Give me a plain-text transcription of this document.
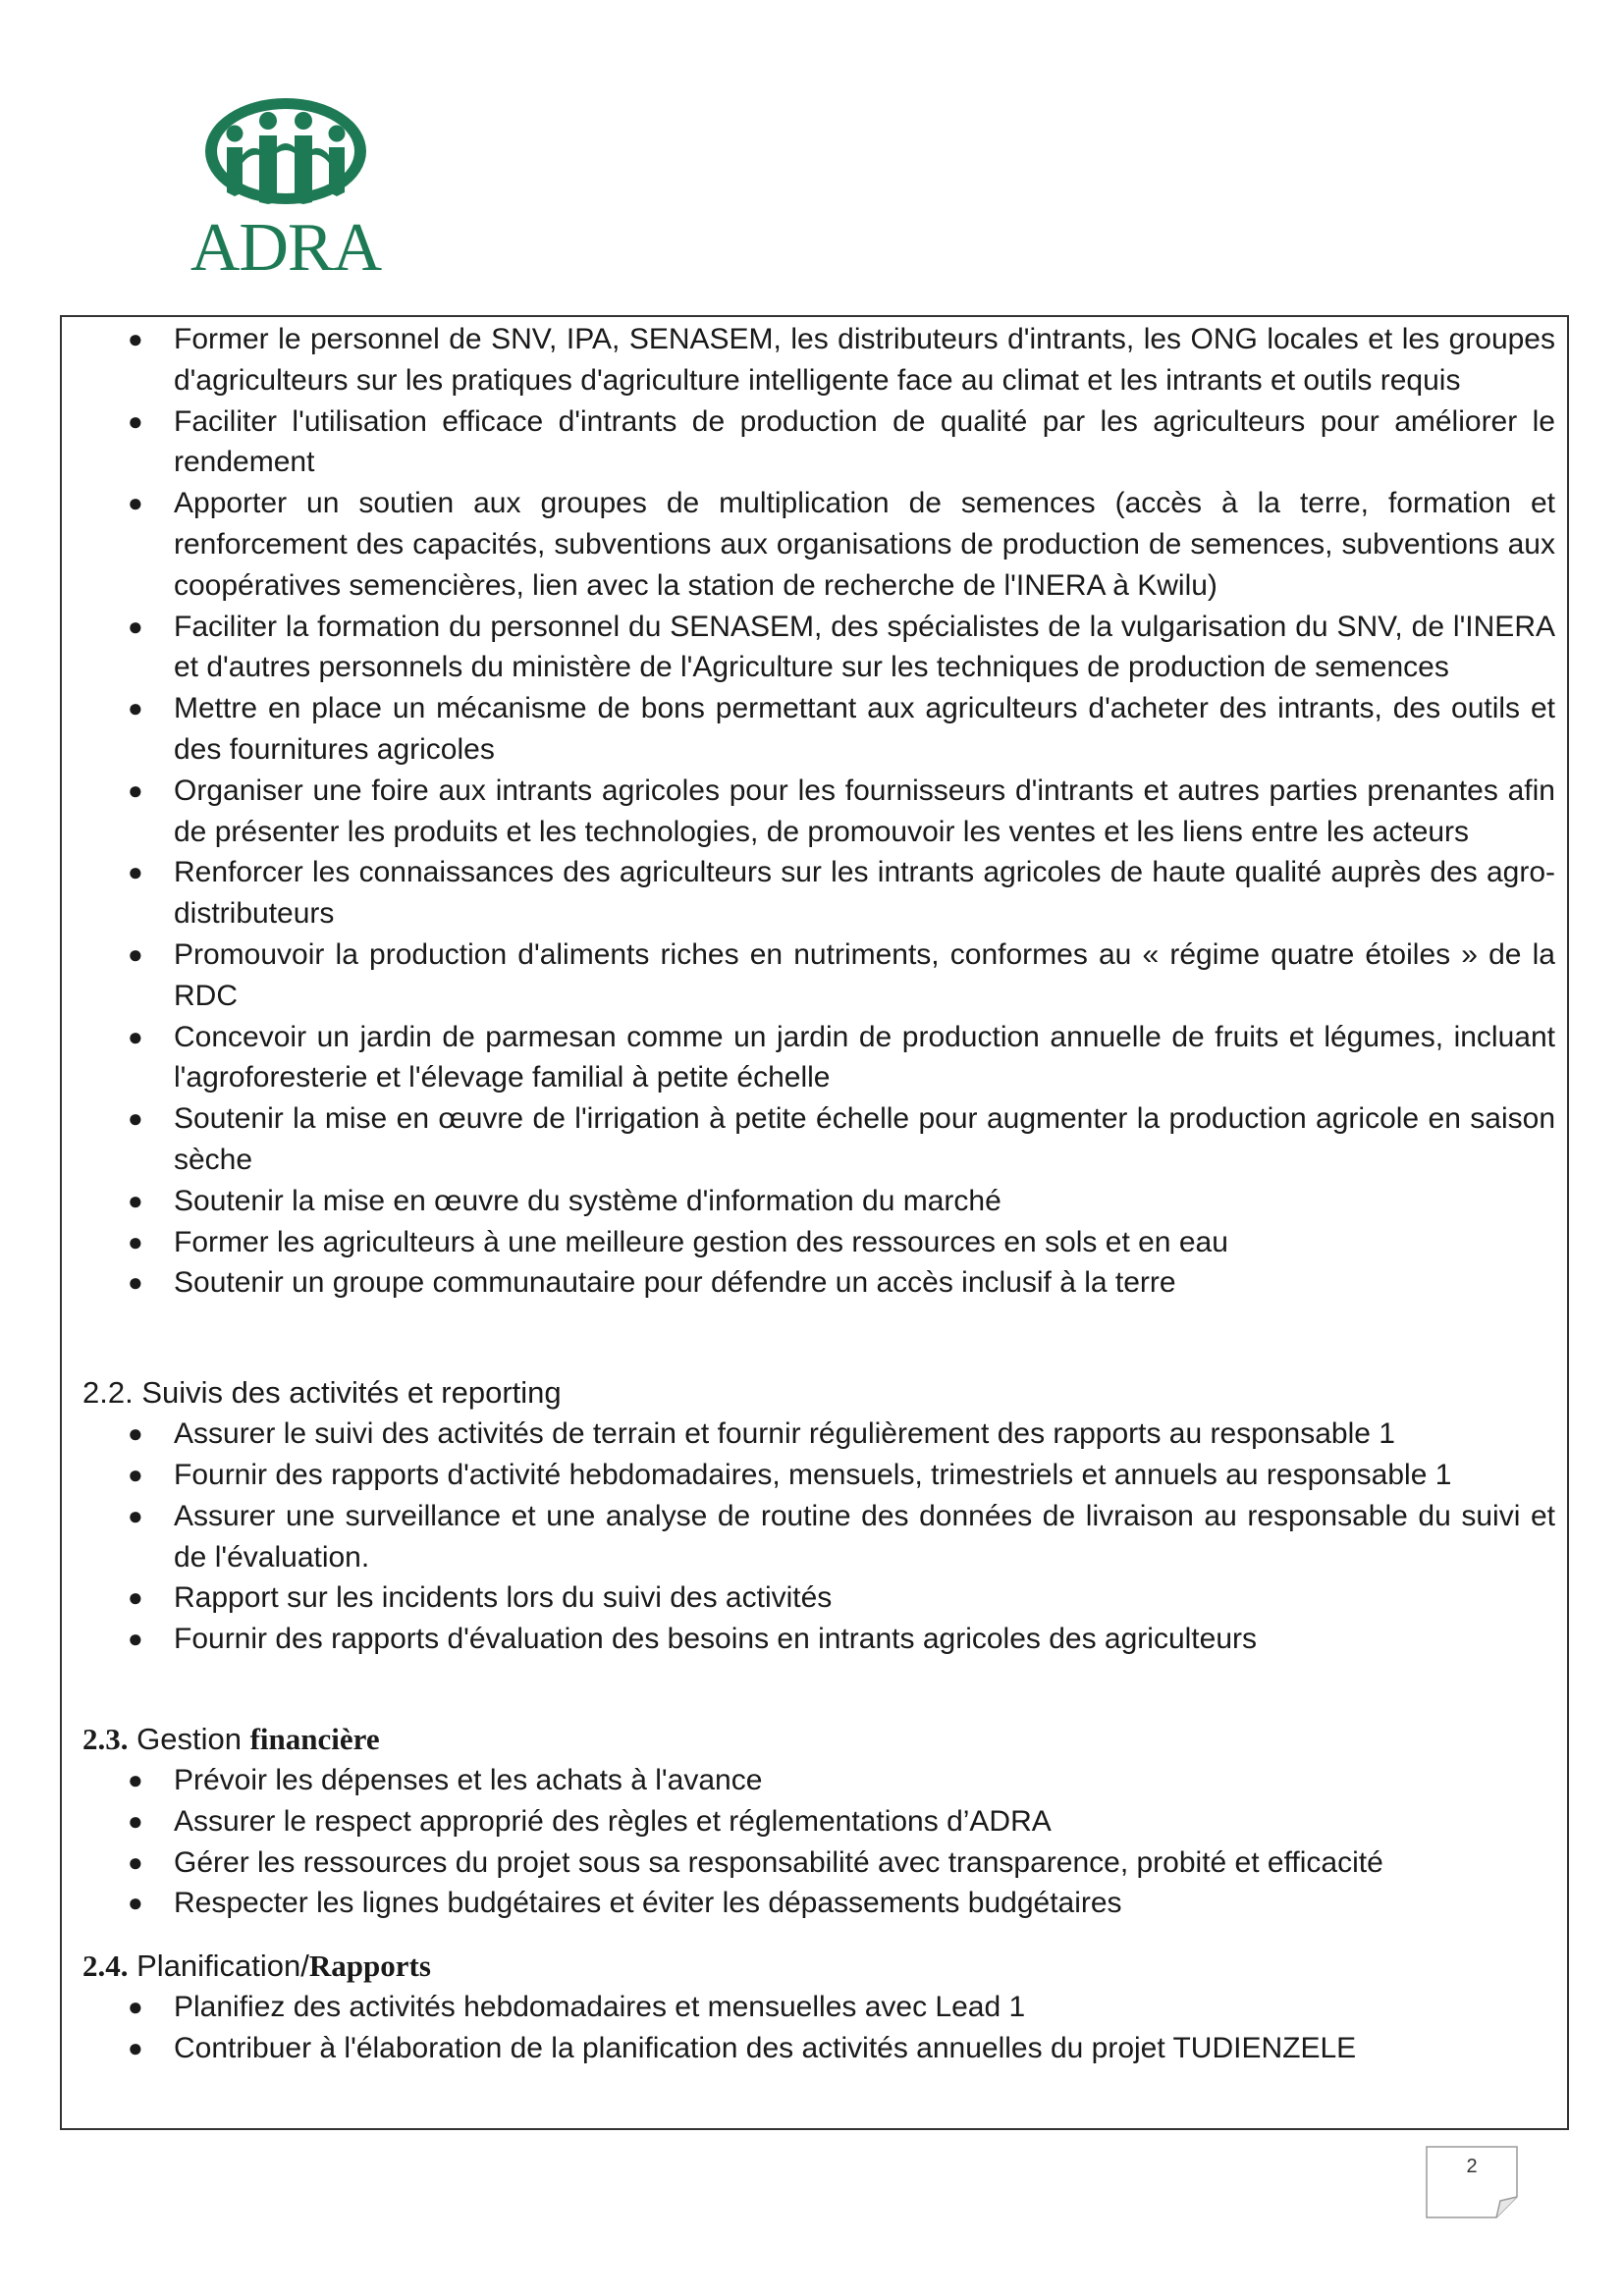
ADRA
● Former le personnel de SNV, IPA, SENASEM, les distributeurs d'intrants, les ONG locales et les groupes d'agriculteurs sur les pratiques d'agriculture intelligente face au climat et les intrants et outils requis
● Faciliter l'utilisation efficace d'intrants de production de qualité par les agriculteurs pour améliorer le rendement
● Apporter un soutien aux groupes de multiplication de semences (accès à la terre, formation et renforcement des capacités, subventions aux organisations de production de semences, subventions aux coopératives semencières, lien avec la station de recherche de l'INERA à Kwilu)
● Faciliter la formation du personnel du SENASEM, des spécialistes de la vulgarisation du SNV, de l'INERA et d'autres personnels du ministère de l'Agriculture sur les techniques de production de semences
● Mettre en place un mécanisme de bons permettant aux agriculteurs d'acheter des intrants, des outils et des fournitures agricoles
● Organiser une foire aux intrants agricoles pour les fournisseurs d'intrants et autres parties prenantes afin de présenter les produits et les technologies, de promouvoir les ventes et les liens entre les acteurs
● Renforcer les connaissances des agriculteurs sur les intrants agricoles de haute qualité auprès des agro-distributeurs
● Promouvoir la production d'aliments riches en nutriments, conformes au « régime quatre étoiles » de la RDC
● Concevoir un jardin de parmesan comme un jardin de production annuelle de fruits et légumes, incluant l'agroforesterie et l'élevage familial à petite échelle
● Soutenir la mise en œuvre de l'irrigation à petite échelle pour augmenter la production agricole en saison sèche
● Soutenir la mise en œuvre du système d'information du marché
● Former les agriculteurs à une meilleure gestion des ressources en sols et en eau
● Soutenir un groupe communautaire pour défendre un accès inclusif à la terre
2.2. Suivis des activités et reporting
● Assurer le suivi des activités de terrain et fournir régulièrement des rapports au responsable 1
● Fournir des rapports d'activité hebdomadaires, mensuels, trimestriels et annuels au responsable 1
● Assurer une surveillance et une analyse de routine des données de livraison au responsable du suivi et de l'évaluation.
● Rapport sur les incidents lors du suivi des activités
● Fournir des rapports d'évaluation des besoins en intrants agricoles des agriculteurs
2.3. Gestion financière
● Prévoir les dépenses et les achats à l'avance
● Assurer le respect approprié des règles et réglementations d’ADRA
● Gérer les ressources du projet sous sa responsabilité avec transparence, probité et efficacité
● Respecter les lignes budgétaires et éviter les dépassements budgétaires
2.4. Planification/Rapports
● Planifiez des activités hebdomadaires et mensuelles avec Lead 1
● Contribuer à l'élaboration de la planification des activités annuelles du projet TUDIENZELE
2
